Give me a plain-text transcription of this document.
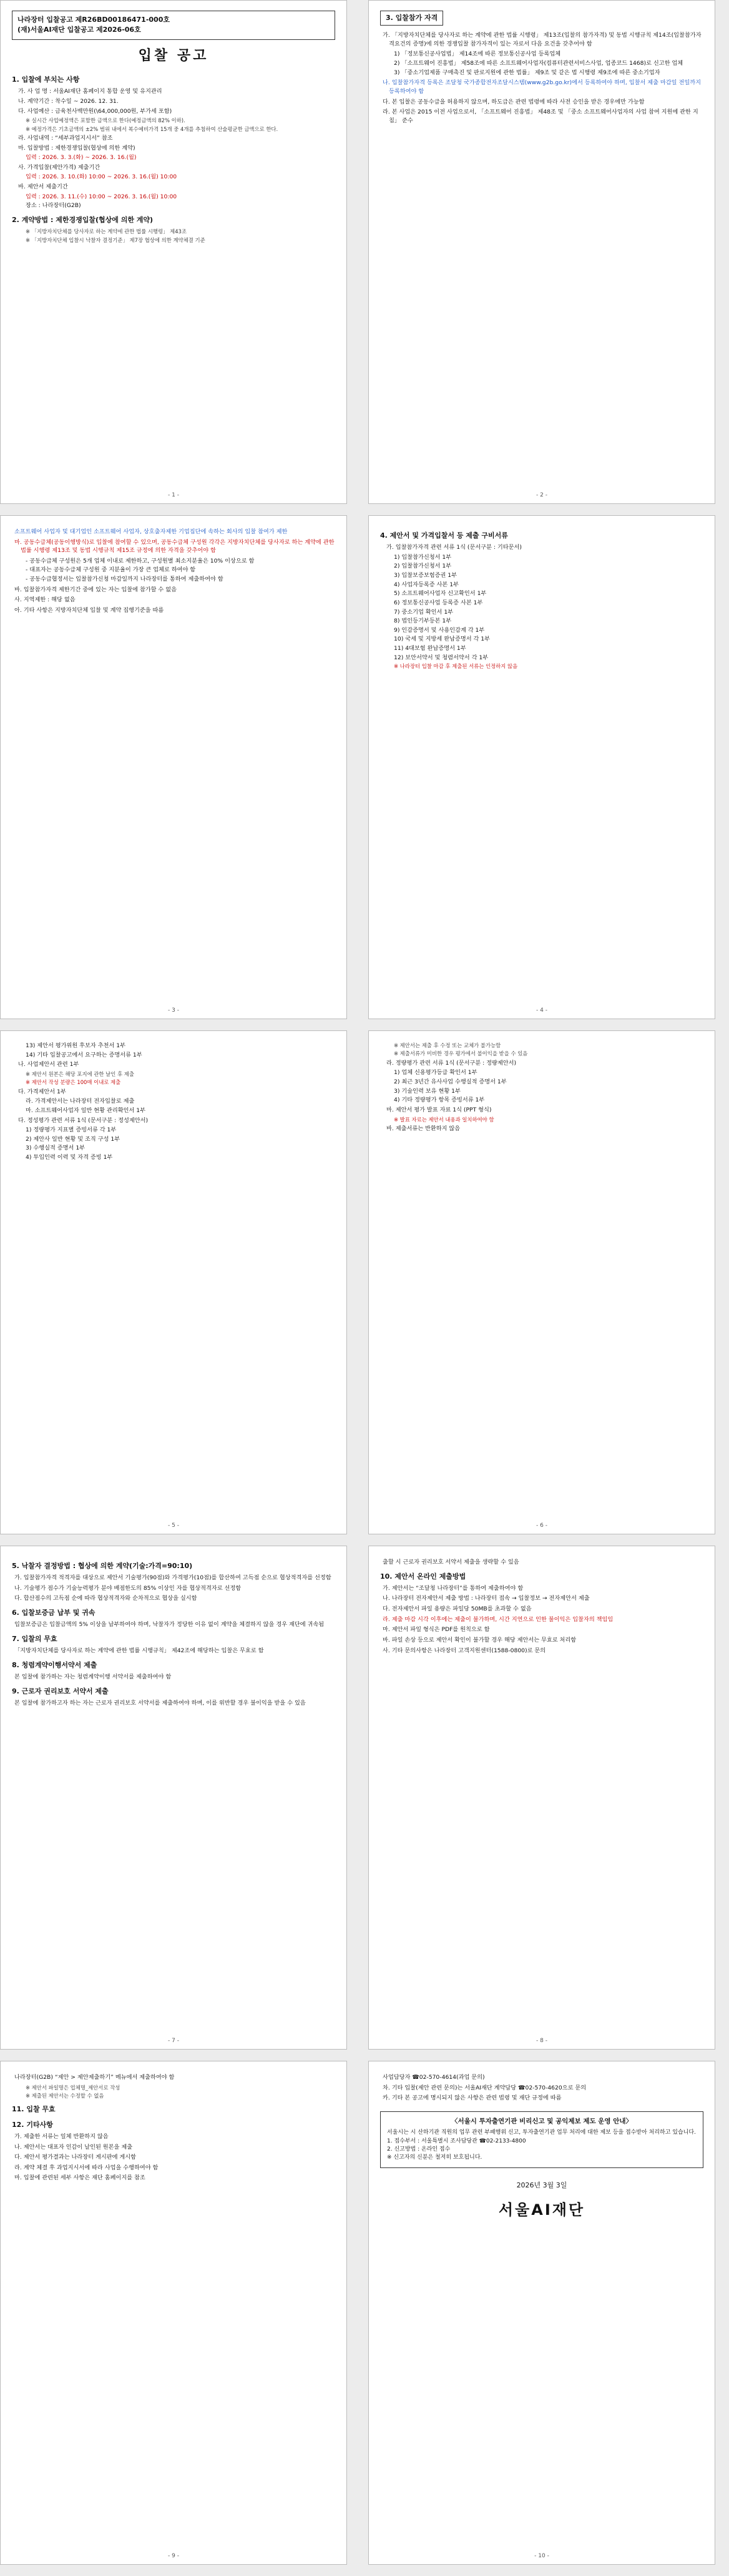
나라장터 입찰공고 제R26BD00186471-000호
(재)서울AI재단 입찰공고 제2026-06호
입찰 공고
1. 입찰에 부치는 사항
가. 사 업 명 : 서울AI재단 홈페이지 통합 운영 및 유지관리
나. 계약기간 : 착수일 ~ 2026. 12. 31.
다. 사업예산 : 금육천사백만원(\64,000,000원, 부가세 포함)
※ 실시간 사업예정액은 포함한 금액으로 한다(예정금액의 82% 이하).
※ 예정가격은 기초금액의 ±2% 범위 내에서 복수예비가격 15개 중 4개를 추첨하여 산술평균한 금액으로 한다.
라. 사업내역 : “세부과업지시서” 참조
마. 입찰방법 : 제한경쟁입찰(협상에 의한 계약)
입력 : 2026. 3. 3.(화) ~ 2026. 3. 16.(월)
사. 가격입찰(제안가격) 제출기간
입력 : 2026. 3. 10.(화) 10:00 ~ 2026. 3. 16.(월) 10:00
바. 제안서 제출기간
입력 : 2026. 3. 11.(수) 10:00 ~ 2026. 3. 16.(월) 10:00
장소 : 나라장터(G2B)
2. 계약방법 : 제한경쟁입찰(협상에 의한 계약)
※ 「지방자치단체를 당사자로 하는 계약에 관한 법률 시행령」 제43조
※ 「지방자치단체 입찰시 낙찰자 결정기준」 제7장 협상에 의한 계약체결 기준
- 1 -
3. 입찰참가 자격
가. 「지방자치단체를 당사자로 하는 계약에 관한 법률 시행령」 제13조(입찰의 참가자격) 및 동법 시행규칙 제14조(입찰참가자격요건의 증명)에 의한 경쟁입찰 참가자격이 있는 자로서 다음 요건을 갖추어야 함
1) 「정보통신공사업법」 제14조에 따른 정보통신공사업 등록업체
2) 「소프트웨어 진흥법」 제58조에 따른 소프트웨어사업자(컴퓨터관련서비스사업, 업종코드 1468)로 신고한 업체
3) 「중소기업제품 구매촉진 및 판로지원에 관한 법률」 제9조 및 같은 법 시행령 제9조에 따른 중소기업자
나. 입찰참가자격 등록은 조달청 국가종합전자조달시스템(www.g2b.go.kr)에서 등록하여야 하며, 입찰서 제출 마감일 전일까지 등록하여야 함
다. 본 입찰은 공동수급을 허용하지 않으며, 하도급은 관련 법령에 따라 사전 승인을 받은 경우에만 가능함
라. 본 사업은 2015 이전 사업으로서, 「소프트웨어 진흥법」 제48조 및 「중소 소프트웨어사업자의 사업 참여 지원에 관한 지침」 준수
- 2 -
소프트웨어 사업자 및 대기업인 소프트웨어 사업자, 상호출자제한 기업집단에 속하는 회사의 입찰 참여가 제한
마. 공동수급체(공동이행방식)로 입찰에 참여할 수 있으며, 공동수급체 구성원 각각은 지방자치단체를 당사자로 하는 계약에 관한 법률 시행령 제13조 및 동법 시행규칙 제15조 규정에 의한 자격을 갖추어야 함
- 공동수급체 구성원은 5개 업체 이내로 제한하고, 구성원별 최소지분율은 10% 이상으로 함
- 대표자는 공동수급체 구성원 중 지분율이 가장 큰 업체로 하여야 함
- 공동수급협정서는 입찰참가신청 마감일까지 나라장터를 통하여 제출하여야 함
바. 입찰참가자격 제한기간 중에 있는 자는 입찰에 참가할 수 없음
사. 지역제한 : 해당 없음
아. 기타 사항은 지방자치단체 입찰 및 계약 집행기준을 따름
- 3 -
4. 제안서 및 가격입찰서 등 제출 구비서류
가. 입찰참가자격 관련 서류 1식 (문서구분 : 기타문서)
1) 입찰참가신청서 1부
2) 입찰참가신청서 1부
3) 입찰보증보험증권 1부
4) 사업자등록증 사본 1부
5) 소프트웨어사업자 신고확인서 1부
6) 정보통신공사업 등록증 사본 1부
7) 중소기업 확인서 1부
8) 법인등기부등본 1부
9) 인감증명서 및 사용인감계 각 1부
10) 국세 및 지방세 완납증명서 각 1부
11) 4대보험 완납증명서 1부
12) 보안서약서 및 청렴서약서 각 1부
※ 나라장터 입찰 마감 후 제출된 서류는 인정하지 않음
- 4 -
13) 제안서 평가위원 후보자 추천서 1부
14) 기타 입찰공고에서 요구하는 증명서류 1부
나. 사업제안서 관련 1부
※ 제안서 원본은 해당 포지에 관한 날인 후 제출
※ 제안서 작성 분량은 100매 이내로 제출
다. 가격제안서 1부
라. 가격제안서는 나라장터 전자입찰로 제출
마. 소프트웨어사업자 일반 현황 관리확인서 1부
다. 정성평가 관련 서류 1식 (문서구분 : 정성제안서)
1) 정량평가 지표별 증빙서류 각 1부
2) 제안사 일반 현황 및 조직 구성 1부
3) 수행실적 증명서 1부
4) 투입인력 이력 및 자격 증빙 1부
- 5 -
※ 제안서는 제출 후 수정 또는 교체가 불가능함
※ 제출서류가 미비한 경우 평가에서 불이익을 받을 수 있음
라. 정량평가 관련 서류 1식 (문서구분 : 정량제안서)
1) 업체 신용평가등급 확인서 1부
2) 최근 3년간 유사사업 수행실적 증명서 1부
3) 기술인력 보유 현황 1부
4) 기타 정량평가 항목 증빙서류 1부
마. 제안서 평가 발표 자료 1식 (PPT 형식)
※ 발표 자료는 제안서 내용과 일치하여야 함
바. 제출서류는 반환하지 않음
- 6 -
5. 낙찰자 결정방법 : 협상에 의한 계약(기술:가격=90:10)
가. 입찰참가자격 적격자를 대상으로 제안서 기술평가(90점)와 가격평가(10점)를 합산하여 고득점 순으로 협상적격자를 선정함
나. 기술평가 점수가 기술능력평가 분야 배점한도의 85% 이상인 자를 협상적격자로 선정함
다. 합산점수의 고득점 순에 따라 협상적격자와 순차적으로 협상을 실시함
6. 입찰보증금 납부 및 귀속
입찰보증금은 입찰금액의 5% 이상을 납부하여야 하며, 낙찰자가 정당한 이유 없이 계약을 체결하지 않을 경우 재단에 귀속됨
7. 입찰의 무효
「지방자치단체를 당사자로 하는 계약에 관한 법률 시행규칙」 제42조에 해당하는 입찰은 무효로 함
8. 청렴계약이행서약서 제출
본 입찰에 참가하는 자는 청렴계약이행 서약서를 제출하여야 함
9. 근로자 권리보호 서약서 제출
본 입찰에 참가하고자 하는 자는 근로자 권리보호 서약서를 제출하여야 하며, 이를 위반할 경우 불이익을 받을 수 있음
- 7 -
출할 시 근로자 권리보호 서약서 제출을 생략할 수 있음
10. 제안서 온라인 제출방법
가. 제안서는 “조달청 나라장터”를 통하여 제출하여야 함
나. 나라장터 전자제안서 제출 방법 : 나라장터 접속 → 입찰정보 → 전자제안서 제출
다. 전자제안서 파일 용량은 파일당 50MB를 초과할 수 없음
라. 제출 마감 시각 이후에는 제출이 불가하며, 시간 지연으로 인한 불이익은 입찰자의 책임임
마. 제안서 파일 형식은 PDF를 원칙으로 함
바. 파일 손상 등으로 제안서 확인이 불가할 경우 해당 제안서는 무효로 처리함
사. 기타 문의사항은 나라장터 고객지원센터(1588-0800)로 문의
- 8 -
나라장터(G2B) “제안 > 제안제출하기” 메뉴에서 제출하여야 함
※ 제안서 파일명은 업체명_제안서로 작성
※ 제출된 제안서는 수정할 수 없음
11. 입찰 무효
12. 기타사항
가. 제출한 서류는 일체 반환하지 않음
나. 제안서는 대표자 인감이 날인된 원본을 제출
다. 제안서 평가결과는 나라장터 게시판에 게시함
라. 계약 체결 후 과업지시서에 따라 사업을 수행하여야 함
마. 입찰에 관련된 세부 사항은 재단 홈페이지를 참조
- 9 -
사업담당자 ☎02-570-4614(과업 문의)
차. 기타 입찰(제안 관련 문의)는 서울AI재단 계약담당 ☎02-570-4620으로 문의
카. 기타 본 공고에 명시되지 않은 사항은 관련 법령 및 재단 규정에 따름
〈서울시 투자출연기관 비리신고 및 공익제보 제도 운영 안내〉
서울시는 시 산하기관 직원의 업무 관련 부패행위 신고, 투자출연기관 업무 처리에 대한 제보 등을 접수받아 처리하고 있습니다.
1. 접수부서 : 서울특별시 조사담당관 ☎02-2133-4800
2. 신고방법 : 온라인 접수
※ 신고자의 신분은 철저히 보호됩니다.
2026년 3월 3일
서울AI재단
- 10 -
